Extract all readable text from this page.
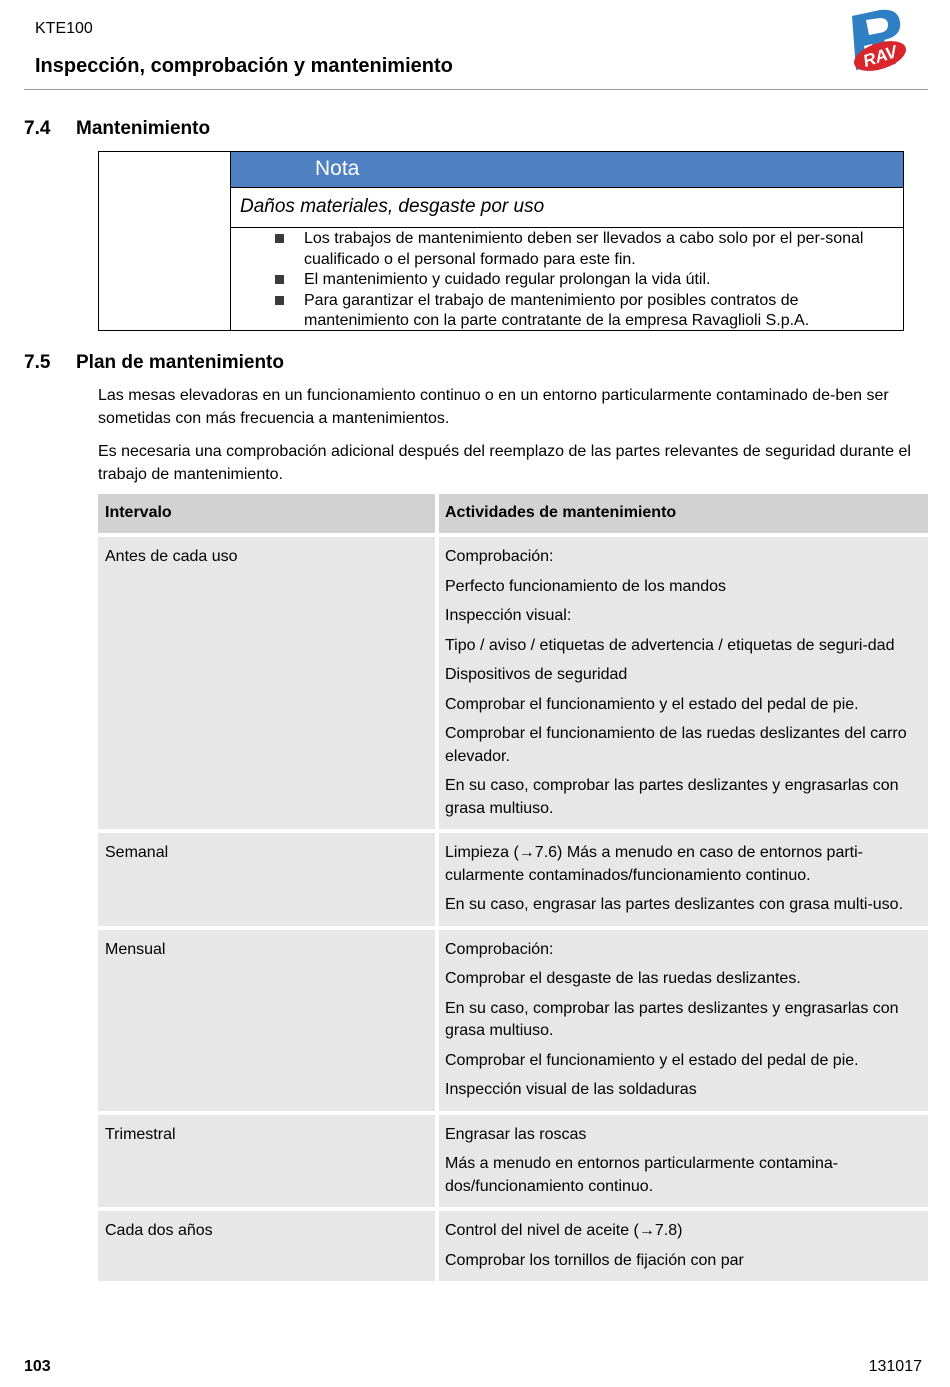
KTE100
Inspección, comprobación y mantenimiento	RAV
7.4 Mantenimiento
Nota
Daños materiales, desgaste por uso
Los trabajos de mantenimiento deben ser llevados a cabo solo por el per-sonal cualificado o el personal formado para este fin.
El mantenimiento y cuidado regular prolongan la vida útil.
Para garantizar el trabajo de mantenimiento por posibles contratos de mantenimiento con la parte contratante de la empresa Ravaglioli S.p.A.
7.5 Plan de mantenimiento

Las mesas elevadoras en un funcionamiento continuo o en un entorno particularmente contaminado de-ben ser sometidas con más frecuencia a mantenimientos.

Es necesaria una comprobación adicional después del reemplazo de las partes relevantes de seguridad durante el trabajo de mantenimiento.

Intervalo	Actividades de mantenimiento
Antes de cada uso	Comprobación:

Perfecto funcionamiento de los mandos

Inspección visual:

Tipo / aviso / etiquetas de advertencia / etiquetas de seguri-dad

Dispositivos de seguridad

Comprobar el funcionamiento y el estado del pedal de pie.

Comprobar el funcionamiento de las ruedas deslizantes del carro elevador.

En su caso, comprobar las partes deslizantes y engrasarlas con grasa multiuso.

Semanal	Limpieza (→7.6) Más a menudo en caso de entornos parti-cularmente contaminados/funcionamiento continuo.

En su caso, engrasar las partes deslizantes con grasa multi-uso.

Mensual	Comprobación:

Comprobar el desgaste de las ruedas deslizantes.

En su caso, comprobar las partes deslizantes y engrasarlas con grasa multiuso.

Comprobar el funcionamiento y el estado del pedal de pie.

Inspección visual de las soldaduras

Trimestral	Engrasar las roscas

Más a menudo en entornos particularmente contamina-dos/funcionamiento continuo.

Cada dos años	Control del nivel de aceite (→7.8)

Comprobar los tornillos de fijación con par

103	131017
